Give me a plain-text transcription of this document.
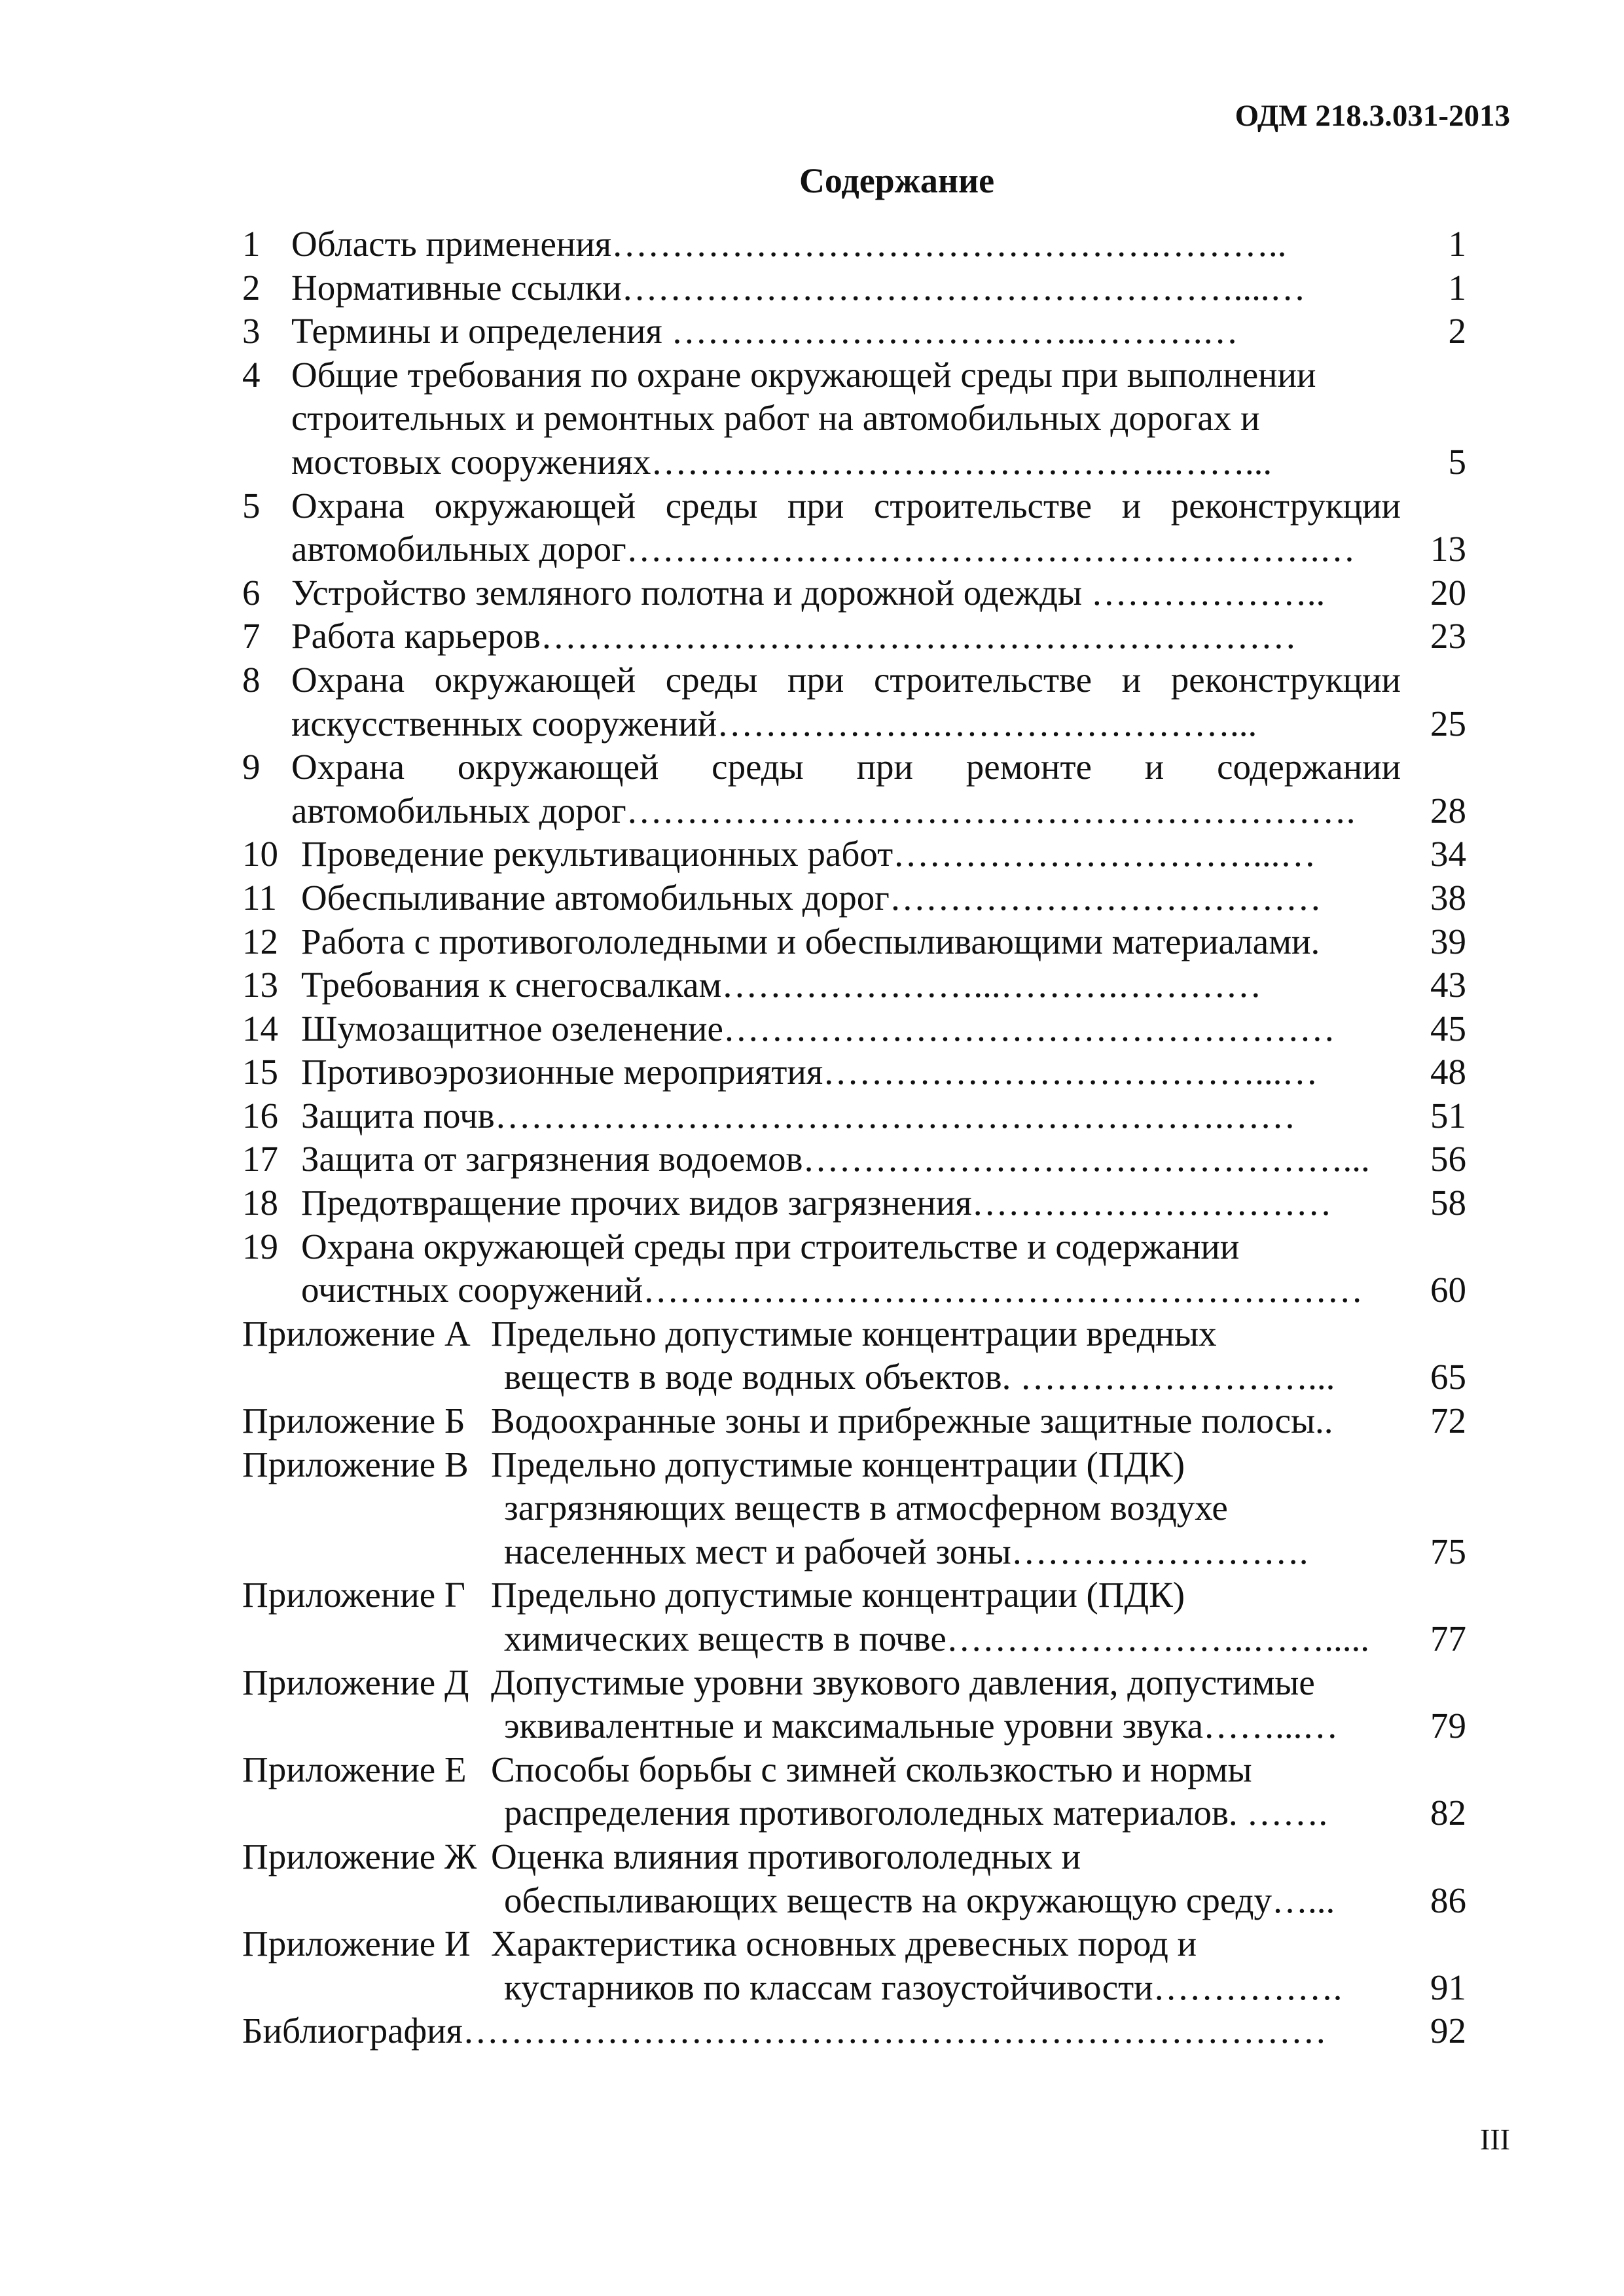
ОДМ 218.3.031-2013
Содержание
1 Область применения……………………………………….………..	1
2 Нормативные ссылки……………………………………………....…	1
3 Термины и определения ……………………………..……….…	2
4 Общие требования по охране окружающей среды при выполнении
строительных и ремонтных работ на автомобильных дорогах и
мостовых сооружениях……………………………………..……...	5
5 Охрана окружающей среды при строительстве и реконструкции
автомобильных дорог………………………………………………….…	13
6 Устройство земляного полотна и дорожной одежды ………………..	20
7 Работа карьеров………………………………………………………	23
8 Охрана окружающей среды при строительстве и реконструкции
искусственных сооружений……………….……………………...	25
9 Охрана окружающей среды при ремонте и содержании
автомобильных дорог…………………………………………………….	28
10 Проведение рекультивационных работ…………………………...…	34
11 Обеспыливание автомобильных дорог………………………………	38
12 Работа с противогололедными и обеспыливающими материалами.	39
13 Требования к снегосвалкам…………………...……….…………	43
14 Шумозащитное озеленение……………………………………………	45
15 Противоэрозионные мероприятия………………………………...…	48
16 Защита почв…………………………………………………….……	51
17 Защита от загрязнения водоемов………………………………………...	56
18 Предотвращение прочих видов загрязнения…………………………	58
19 Охрана окружающей среды при строительстве и содержании
очистных сооружений……………………………………………………	60
Приложение А Предельно допустимые концентрации вредных
веществ в воде водных объектов. ……………………...	65
Приложение Б Водоохранные зоны и прибрежные защитные полосы..	72
Приложение В Предельно допустимые концентрации (ПДК)
загрязняющих веществ в атмосферном воздухе
населенных мест и рабочей зоны…………………….	75
Приложение Г Предельно допустимые концентрации (ПДК)
химических веществ в почве……………………..…….....	77
Приложение Д Допустимые уровни звукового давления, допустимые
эквивалентные и максимальные уровни звука……...…	79
Приложение Е Способы борьбы с зимней скользкостью и нормы
распределения противогололедных материалов. …….	82
Приложение Ж Оценка влияния противогололедных и
обеспыливающих веществ на окружающую среду…...	86
Приложение И Характеристика основных древесных пород и
кустарников по классам газоустойчивости…………….	91
Библиография………………………………………………………………	92
III
